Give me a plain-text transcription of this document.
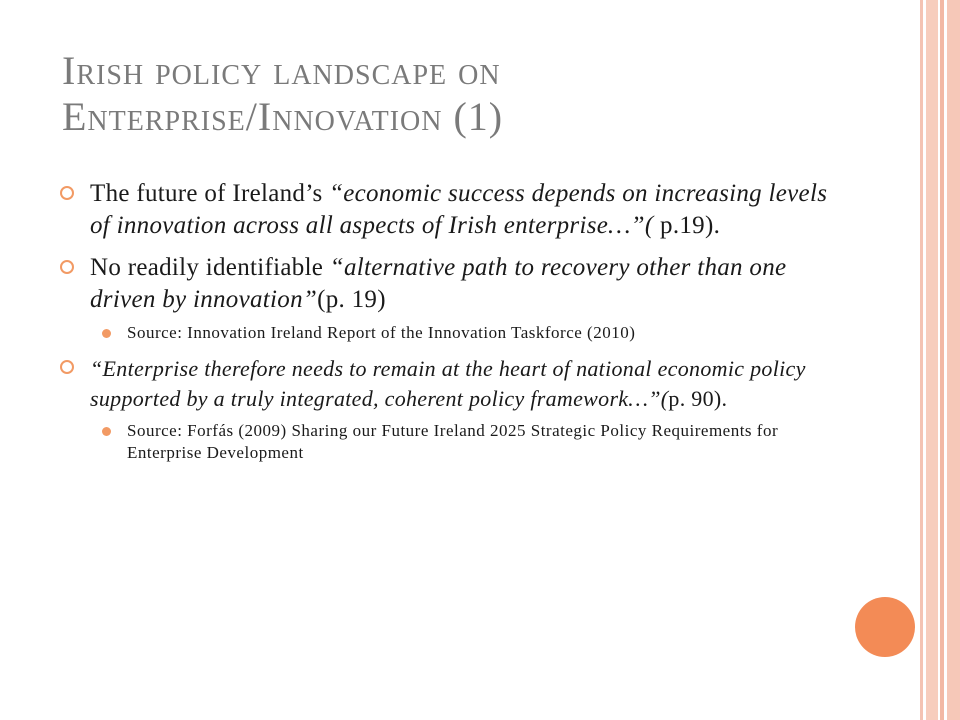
Irish policy landscape on
Enterprise/Innovation (1)
The future of Ireland’s “economic success depends on increasing levels of innovation across all aspects of Irish enterprise…”( p.19).
No readily identifiable “alternative path to recovery other than one driven by innovation”(p. 19)
Source: Innovation Ireland Report of the Innovation Taskforce (2010)
“Enterprise therefore needs to remain at the heart of national economic policy supported by a truly integrated, coherent policy framework…”(p. 90).
Source: Forfás (2009) Sharing our Future Ireland 2025 Strategic Policy Requirements for Enterprise Development
